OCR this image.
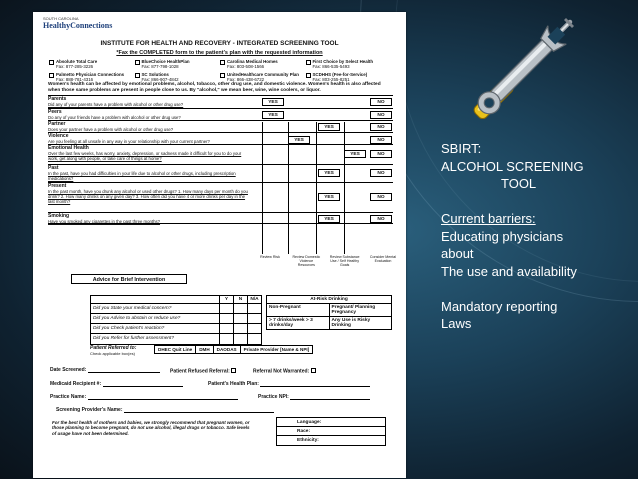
SOUTH CAROLINA
HealthyConnections
INSTITUTE FOR HEALTH AND RECOVERY - INTEGRATED SCREENING TOOL
*Fax the COMPLETED form to the patient's plan with the requested information
Absolute Total Care
Fax: 877-285-3226
BlueChoice HealthPlan
Fax: 877-798-1028
Carolina Medical Homes
Fax: 803-508-1566
First Choice by Select Health
Fax: 866-535-5493
Palmetto Physician Connections
Fax: 888-781-4316
SC Solutions
Fax: 866-907-4842
UnitedHealthcare Community Plan
Fax: 866-438-6722
SCDHHS (Fee-for-Service)
Fax: 803-255-8251
Women's health can be affected by emotional problems, alcohol, tobacco, other drug use, and domestic violence. Women's health is also affected when those same problems are present in people close to us. By "alcohol," we mean beer, wine, wine coolers, or liquor.
Parents
Did any of your parents have a problem with alcohol or other drug use?	YES	NO
Peers
Do any of your friends have a problem with alcohol or other drug use?	YES	NO
Partner
Does your partner have a problem with alcohol or other drug use?	YES	NO
Violence
Are you feeling at all unsafe in any way in your relationship with your current partner?	YES	NO
Emotional Health
Over the last few weeks, has worry, anxiety, depression, or sadness made it difficult for you to do your work, get along with people, or take care of things at home?
YES	NO
Past
In the past, have you had difficulties in your life due to alcohol or other drugs, including prescription medications?
YES	NO
Present
In the past month, have you drunk any alcohol or used other drugs? 1. How many days per month do you drink? 2. How many drinks on any given day? 3. How often did you have 4 or more drinks per day in the last month?
YES	NO
Smoking
Have you smoked any cigarettes in the past three months?	YES	NO
Review Risk	Review Domestic Violence Resources
Review Substance Use / Self Healthy Goals
Consider Mental Evaluation
Advice for Brief Intervention
Y	N	N/A
Did you State your medical concern?
Did you Advise to abstain or reduce use?
Did you Check patient's reaction?
Did you Refer for further assessment?
At-Risk Drinking
Non-Pregnant	Pregnant/ Planning Pregnancy
> 7 drinks/week > 3 drinks/day
Any Use is Risky Drinking
Patient Referred to:
Check applicable box(es)
DHEC Quit Line	DMH	DAODAS	Private Provider [Name & NPI]
Date Screened:	Patient Refused Referral:	Referral Not Warranted:
Medicaid Recipient #:	Patient's Health Plan:
Practice Name:	Practice NPI:
Screening Provider's Name:
For the best health of mothers and babies, we strongly recommend that pregnant women, or those planning to become pregnant, do not use alcohol, illegal drugs or tobacco. Safe levels of usage have not been determined.
Language:
Race:
Ethnicity:
SBIRT:
ALCOHOL SCREENING
TOOL
Current barriers:
Educating physicians
about
The use and availability
Mandatory reporting
Laws
